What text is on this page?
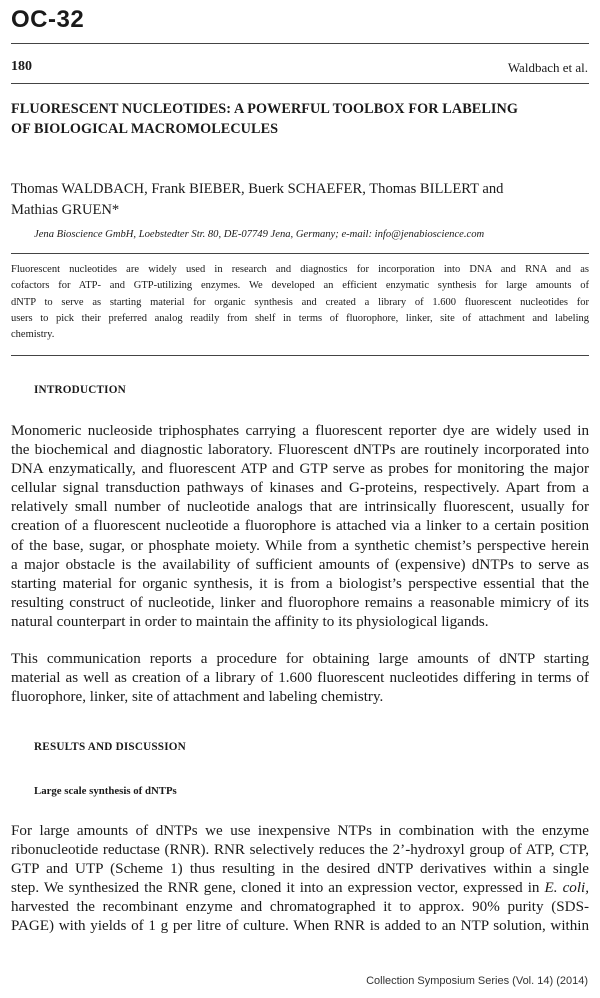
OC-32
180	Waldbach et al.
FLUORESCENT NUCLEOTIDES: A POWERFUL TOOLBOX FOR LABELING
OF BIOLOGICAL MACROMOLECULES
Thomas WALDBACH, Frank BIEBER, Buerk SCHAEFER, Thomas BILLERT and
Mathias GRUEN*
Jena Bioscience GmbH, Loebstedter Str. 80, DE-07749 Jena, Germany; e-mail: info@jenabioscience.com
Fluorescent nucleotides are widely used in research and diagnostics for incorporation into DNA and RNA and as
cofactors for ATP- and GTP-utilizing enzymes. We developed an efficient enzymatic synthesis for large amounts of
dNTP to serve as starting material for organic synthesis and created a library of 1.600 fluorescent nucleotides for
users to pick their preferred analog readily from shelf in terms of fluorophore, linker, site of attachment and labeling
chemistry.
INTRODUCTION
Monomeric nucleoside triphosphates carrying a fluorescent reporter dye are widely used in
the biochemical and diagnostic laboratory. Fluorescent dNTPs are routinely incorporated into
DNA enzymatically, and fluorescent ATP and GTP serve as probes for monitoring the major
cellular signal transduction pathways of kinases and G-proteins, respectively. Apart from a
relatively small number of nucleotide analogs that are intrinsically fluorescent, usually for
creation of a fluorescent nucleotide a fluorophore is attached via a linker to a certain position
of the base, sugar, or phosphate moiety. While from a synthetic chemist’s perspective herein
a major obstacle is the availability of sufficient amounts of (expensive) dNTPs to serve as
starting material for organic synthesis, it is from a biologist’s perspective essential that the
resulting construct of nucleotide, linker and fluorophore remains a reasonable mimicry of its
natural counterpart in order to maintain the affinity to its physiological ligands.
This communication reports a procedure for obtaining large amounts of dNTP starting
material as well as creation of a library of 1.600 fluorescent nucleotides differing in terms of
fluorophore, linker, site of attachment and labeling chemistry.
RESULTS AND DISCUSSION
Large scale synthesis of dNTPs
For large amounts of dNTPs we use inexpensive NTPs in combination with the enzyme
ribonucleotide reductase (RNR). RNR selectively reduces the 2’-hydroxyl group of ATP, CTP,
GTP and UTP (Scheme 1) thus resulting in the desired dNTP derivatives within a single
step. We synthesized the RNR gene, cloned it into an expression vector, expressed in E. coli,
harvested the recombinant enzyme and chromatographed it to approx. 90% purity (SDS-
PAGE) with yields of 1 g per litre of culture. When RNR is added to an NTP solution, within
Collection Symposium Series (Vol. 14) (2014)
